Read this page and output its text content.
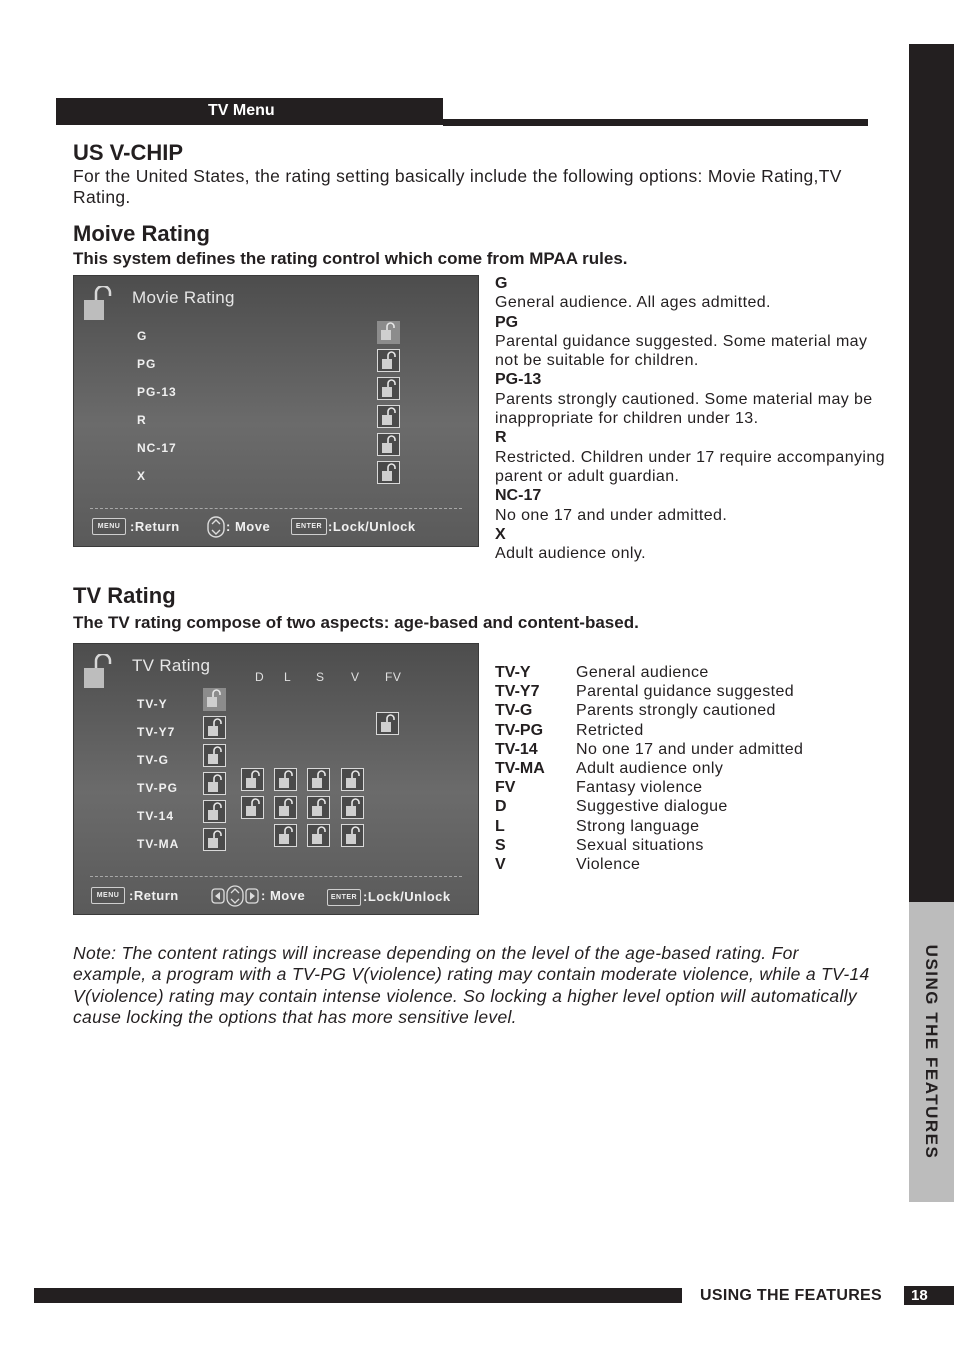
USING THE FEATURES
TV Menu
US V-CHIP
For the United States, the rating setting basically include the following options: Movie Rating,TV Rating.
Moive Rating
This system defines the rating control which come from MPAA rules.
Movie Rating
MENU :Return	: Move	ENTER :Lock/Unlock
G
PG
PG-13
R
NC-17
X
G
General audience. All ages admitted.
PG
Parental guidance suggested. Some material may not be suitable for children.
PG-13
Parents strongly cautioned. Some material may be inappropriate for children under 13.
R
Restricted. Children under 17 require accompanying parent or adult guardian.
NC-17
No one 17 and under admitted.
X
Adult audience only.
TV Rating
The TV rating compose of two aspects: age-based and content-based.
TV Rating
MENU :Return	: Move	ENTER :Lock/Unlock
D L S V FV
TV-Y
TV-Y7
TV-G
TV-PG
TV-14
TV-MA
TV-Y	General audience
TV-Y7 Parental guidance suggested
TV-G	Parents strongly cautioned
TV-PG Retricted
TV-14 No one 17 and under admitted
TV-MA Adult audience only
FV	Fantasy violence
D	Suggestive dialogue
L	Strong language
S	Sexual situations
V	Violence
Note: The content ratings will increase depending on the level of the age-based rating. For example, a program with a TV-PG V(violence) rating may contain moderate violence, while a TV-14 V(violence) rating may contain intense violence. So locking a higher level option will automatically cause locking the options that has more sensitive level.
USING THE FEATURES	18
